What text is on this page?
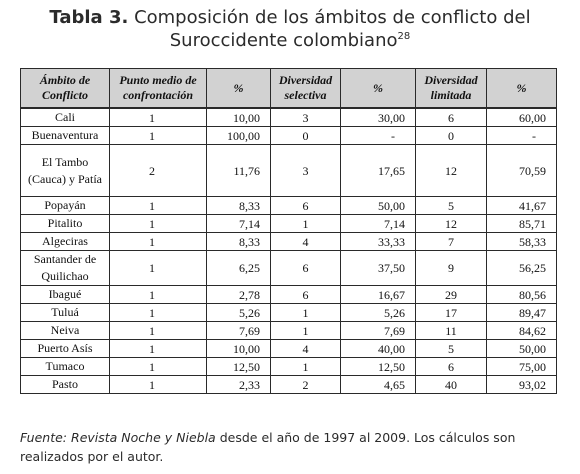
Tabla 3. Composición de los ámbitos de conflicto del
Suroccidente colombiano$^{28}$
Ámbito de Conflicto	Punto medio de confrontación	%	Diversidad selectiva	%	Diversidad limitada	%
Cali	1	10,00	3	30,00	6	60,00
Buenaventura	1	100,00	0	-	0	-
El Tambo (Cauca) y Patía	2	11,76	3	17,65	12	70,59
Popayán	1	8,33	6	50,00	5	41,67
Pitalito	1	7,14	1	7,14	12	85,71
Algeciras	1	8,33	4	33,33	7	58,33
Santander de Quilichao	1	6,25	6	37,50	9	56,25
Ibagué	1	2,78	6	16,67	29	80,56
Tuluá	1	5,26	1	5,26	17	89,47
Neiva	1	7,69	1	7,69	11	84,62
Puerto Asís	1	10,00	4	40,00	5	50,00
Tumaco	1	12,50	1	12,50	6	75,00
Pasto	1	2,33	2	4,65	40	93,02
Fuente: Revista Noche y Niebla desde el año de 1997 al 2009. Los cálculos son realizados por el autor.
